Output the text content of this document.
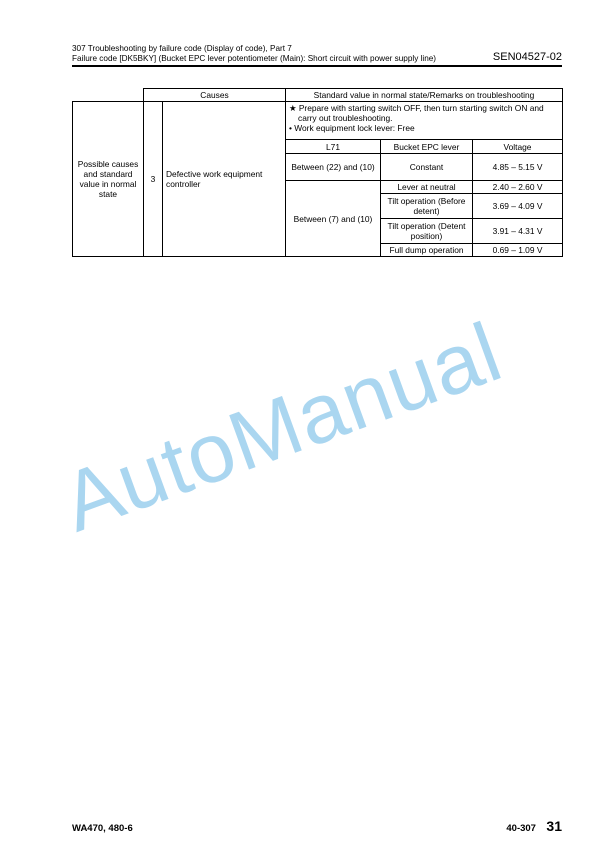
307 Troubleshooting by failure code (Display of code), Part 7
Failure code [DK5BKY] (Bucket EPC lever potentiometer (Main): Short circuit with power supply line)	SEN04527-02
	Causes		Standard value in normal state/Remarks on troubleshooting		
Possible causes and standard value in normal state	3	Defective work equipment controller	★ Prepare with starting switch OFF, then turn starting switch ON and carry out troubleshooting.
• Work equipment lock lever: Free		

			L71	Bucket EPC lever	Voltage
			Between (22) and (10)	Constant	4.85 – 5.15 V
			Between (7) and (10)	Lever at neutral	2.40 – 2.60 V
				Tilt operation (Before detent)	3.69 – 4.09 V
				Tilt operation (Detent position)	3.91 – 4.31 V
				Full dump operation	0.69 – 1.09 V
AutoManual
WA470, 480-6	40-307 31
